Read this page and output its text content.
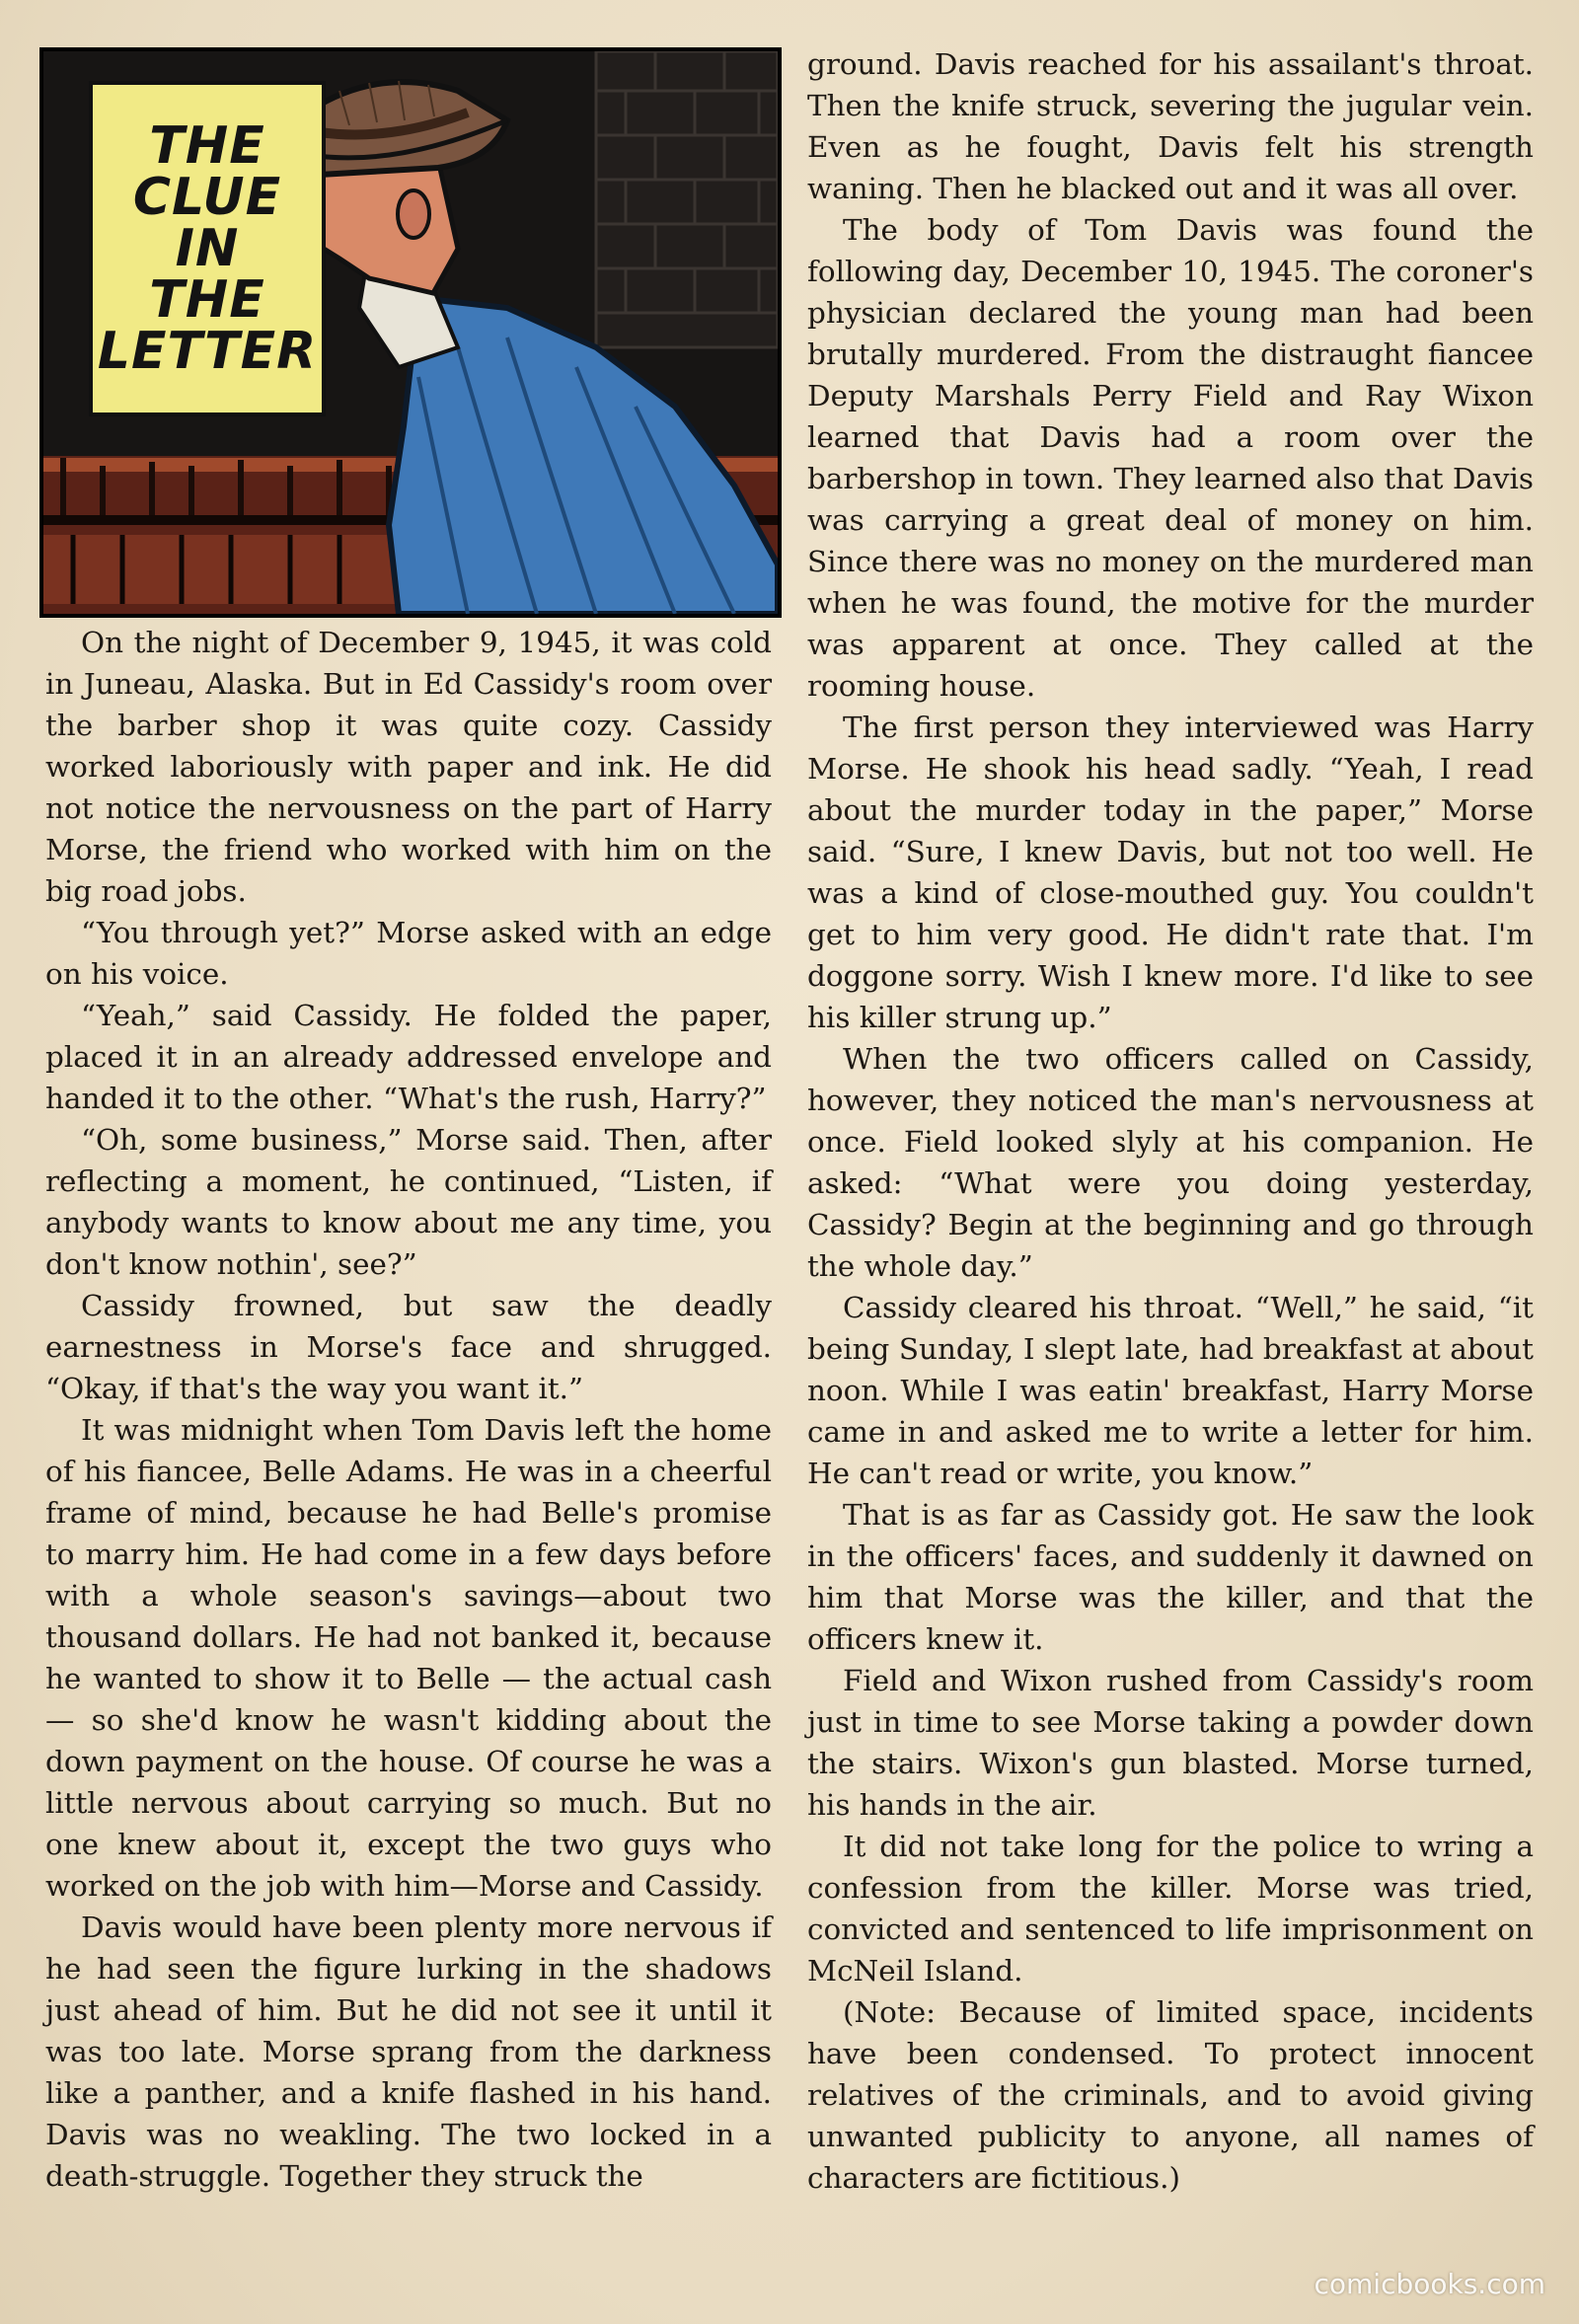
THE
CLUE
IN
THE
LETTER

On the night of December 9, 1945, it was cold in Juneau, Alaska. But in Ed Cassidy's room over the barber shop it was quite cozy. Cassidy worked laboriously with paper and ink. He did not notice the nervousness on the part of Harry Morse, the friend who worked with him on the big road jobs.

“You through yet?” Morse asked with an edge on his voice.

“Yeah,” said Cassidy. He folded the paper, placed it in an already addressed envelope and handed it to the other. “What's the rush, Harry?”

“Oh, some business,” Morse said. Then, after reflecting a moment, he continued, “Listen, if anybody wants to know about me any time, you don't know nothin', see?”

Cassidy frowned, but saw the deadly earnestness in Morse's face and shrugged. “Okay, if that's the way you want it.”

It was midnight when Tom Davis left the home of his fiancee, Belle Adams. He was in a cheerful frame of mind, because he had Belle's promise to marry him. He had come in a few days before with a whole season's savings—about two thousand dollars. He had not banked it, because he wanted to show it to Belle — the actual cash — so she'd know he wasn't kidding about the down payment on the house. Of course he was a little nervous about carrying so much. But no one knew about it, except the two guys who worked on the job with him—Morse and Cassidy.

Davis would have been plenty more nervous if he had seen the figure lurking in the shadows just ahead of him. But he did not see it until it was too late. Morse sprang from the darkness like a panther, and a knife flashed in his hand. Davis was no weakling. The two locked in a death-struggle. Together they struck the

ground. Davis reached for his assailant's throat. Then the knife struck, severing the jugular vein. Even as he fought, Davis felt his strength waning. Then he blacked out and it was all over.

The body of Tom Davis was found the following day, December 10, 1945. The coroner's physician declared the young man had been brutally murdered. From the distraught fiancee Deputy Marshals Perry Field and Ray Wixon learned that Davis had a room over the barbershop in town. They learned also that Davis was carrying a great deal of money on him. Since there was no money on the murdered man when he was found, the motive for the murder was apparent at once. They called at the rooming house.

The first person they interviewed was Harry Morse. He shook his head sadly. “Yeah, I read about the murder today in the paper,” Morse said. “Sure, I knew Davis, but not too well. He was a kind of close-mouthed guy. You couldn't get to him very good. He didn't rate that. I'm doggone sorry. Wish I knew more. I'd like to see his killer strung up.”

When the two officers called on Cassidy, however, they noticed the man's nervousness at once. Field looked slyly at his companion. He asked: “What were you doing yesterday, Cassidy? Begin at the beginning and go through the whole day.”

Cassidy cleared his throat. “Well,” he said, “it being Sunday, I slept late, had breakfast at about noon. While I was eatin' breakfast, Harry Morse came in and asked me to write a letter for him. He can't read or write, you know.”

That is as far as Cassidy got. He saw the look in the officers' faces, and suddenly it dawned on him that Morse was the killer, and that the officers knew it.

Field and Wixon rushed from Cassidy's room just in time to see Morse taking a powder down the stairs. Wixon's gun blasted. Morse turned, his hands in the air.

It did not take long for the police to wring a confession from the killer. Morse was tried, convicted and sentenced to life imprisonment on McNeil Island.

(Note: Because of limited space, incidents have been condensed. To protect innocent relatives of the criminals, and to avoid giving unwanted publicity to anyone, all names of characters are fictitious.)

comicbooks.com
